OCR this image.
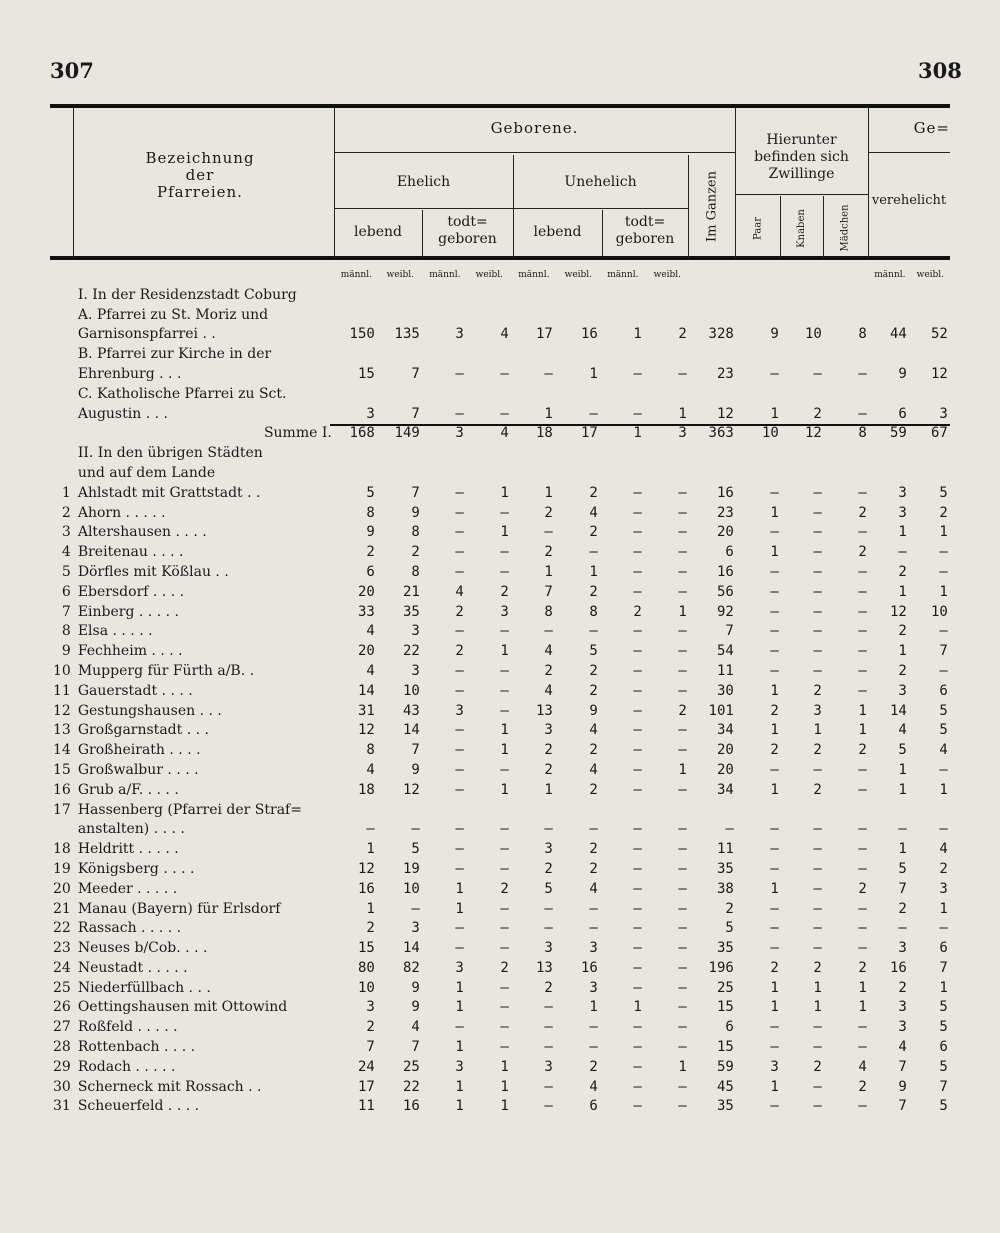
307	308
Bezeichnung
der
Pfarreien.
Geborene.
Ehelich	Unehelich
lebend
todt=
geboren	lebend
todt=
geboren	Im Ganzen
Hierunter
befinden sich
Zwillinge
Paar	Knaben	Mädchen
Ge=
verehelicht
		männl.	weibl.	männl.	weibl.	männl.	weibl.	männl.	weibl.					männl.	weibl.
	I. In der Residenzstadt Coburg														
	A. Pfarrei zu St. Moriz und														
	Garnisonspfarrei . .	150	135	3	4	17	16	1	2	328	9	10	8	44	52
	B. Pfarrei zur Kirche in der														
	Ehrenburg . . .	15	7	—	—	—	1	—	—	23	—	—	—	9	12
	C. Katholische Pfarrei zu Sct.														
	Augustin . . .	3	7	—	—	1	—	—	1	12	1	2	—	6	3
	Summe I.	168	149	3	4	18	17	1	3	363	10	12	8	59	67
	II. In den übrigen Städten														
	und auf dem Lande														
1	Ahlstadt mit Grattstadt . .	5	7	—	1	1	2	—	—	16	—	—	—	3	5
2	Ahorn . . . . .	8	9	—	—	2	4	—	—	23	1	—	2	3	2
3	Altershausen . . . .	9	8	—	1	—	2	—	—	20	—	—	—	1	1
4	Breitenau . . . .	2	2	—	—	2	—	—	—	6	1	—	2	—	—
5	Dörfles mit Kößlau . .	6	8	—	—	1	1	—	—	16	—	—	—	2	—
6	Ebersdorf . . . .	20	21	4	2	7	2	—	—	56	—	—	—	1	1
7	Einberg . . . . .	33	35	2	3	8	8	2	1	92	—	—	—	12	10
8	Elsa . . . . .	4	3	—	—	—	—	—	—	7	—	—	—	2	—
9	Fechheim . . . .	20	22	2	1	4	5	—	—	54	—	—	—	1	7
10	Mupperg für Fürth a/B. .	4	3	—	—	2	2	—	—	11	—	—	—	2	—
11	Gauerstadt . . . .	14	10	—	—	4	2	—	—	30	1	2	—	3	6
12	Gestungshausen . . .	31	43	3	—	13	9	—	2	101	2	3	1	14	5
13	Großgarnstadt . . .	12	14	—	1	3	4	—	—	34	1	1	1	4	5
14	Großheirath . . . .	8	7	—	1	2	2	—	—	20	2	2	2	5	4
15	Großwalbur . . . .	4	9	—	—	2	4	—	1	20	—	—	—	1	—
16	Grub a/F. . . . .	18	12	—	1	1	2	—	—	34	1	2	—	1	1
17	Hassenberg (Pfarrei der Straf=														
	anstalten) . . . .	—	—	—	—	—	—	—	—	—	—	—	—	—	—
18	Heldritt . . . . .	1	5	—	—	3	2	—	—	11	—	—	—	1	4
19	Königsberg . . . .	12	19	—	—	2	2	—	—	35	—	—	—	5	2
20	Meeder . . . . .	16	10	1	2	5	4	—	—	38	1	—	2	7	3
21	Manau (Bayern) für Erlsdorf	1	—	1	—	—	—	—	—	2	—	—	—	2	1
22	Rassach . . . . .	2	3	—	—	—	—	—	—	5	—	—	—	—	—
23	Neuses b/Cob. . . .	15	14	—	—	3	3	—	—	35	—	—	—	3	6
24	Neustadt . . . . .	80	82	3	2	13	16	—	—	196	2	2	2	16	7
25	Niederfüllbach . . .	10	9	1	—	2	3	—	—	25	1	1	1	2	1
26	Oettingshausen mit Ottowind	3	9	1	—	—	1	1	—	15	1	1	1	3	5
27	Roßfeld . . . . .	2	4	—	—	—	—	—	—	6	—	—	—	3	5
28	Rottenbach . . . .	7	7	1	—	—	—	—	—	15	—	—	—	4	6
29	Rodach . . . . .	24	25	3	1	3	2	—	1	59	3	2	4	7	5
30	Scherneck mit Rossach . .	17	22	1	1	—	4	—	—	45	1	—	2	9	7
31	Scheuerfeld . . . .	11	16	1	1	—	6	—	—	35	—	—	—	7	5
